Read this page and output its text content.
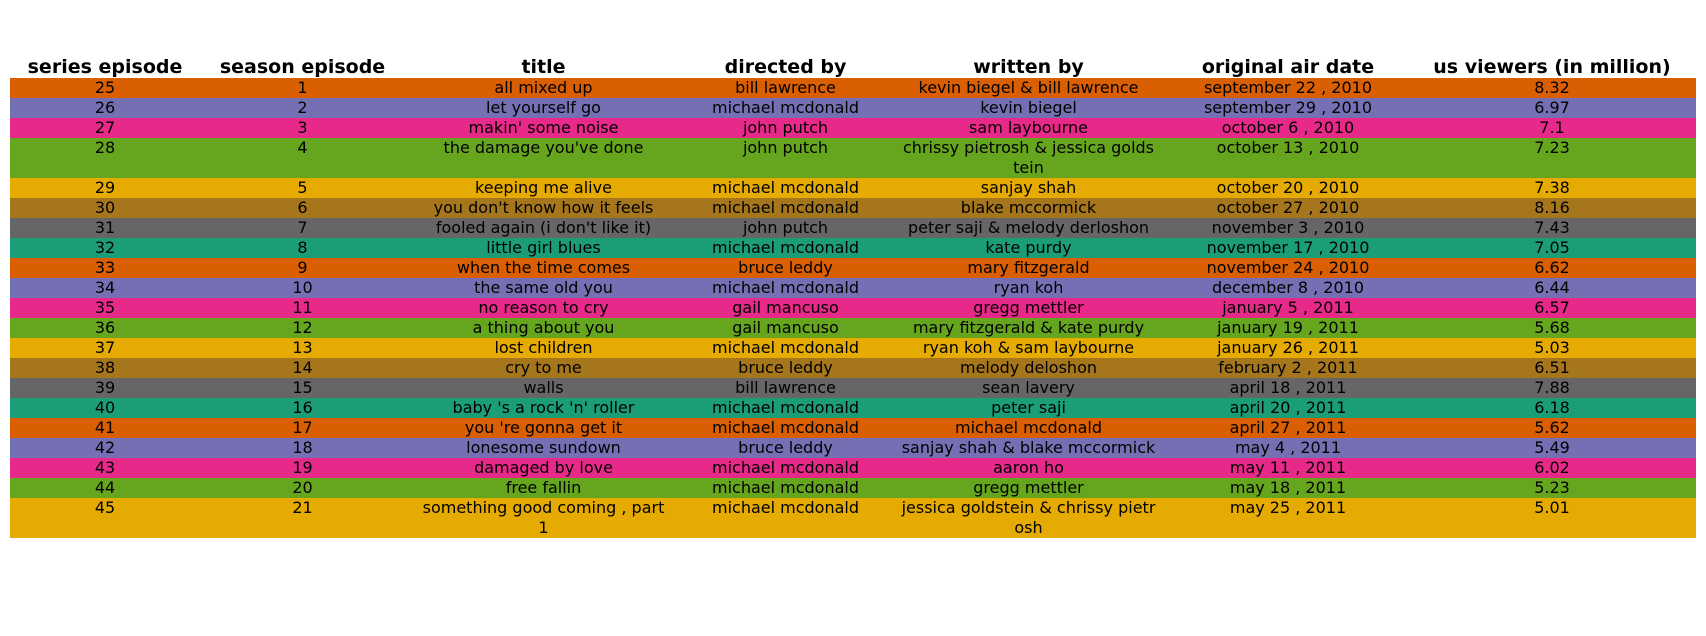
series episode	season episode	title	directed by	written by	original air date	us viewers (in million)

25	1	all mixed up	bill lawrence	kevin biegel & bill lawrence	september 22 , 2010	8.32

26	2	let yourself go	michael mcdonald	kevin biegel	september 29 , 2010	6.97

27	3	makin' some noise	john putch	sam laybourne	october 6 , 2010	7.1

28	4	the damage you've done	john putch	chrissy pietrosh & jessica goldstein	october 13 , 2010	7.23

29	5	keeping me alive	michael mcdonald	sanjay shah	october 20 , 2010	7.38

30	6	you don't know how it feels	michael mcdonald	blake mccormick	october 27 , 2010	8.16

31	7	fooled again (i don't like it)	john putch	peter saji & melody derloshon	november 3 , 2010	7.43

32	8	little girl blues	michael mcdonald	kate purdy	november 17 , 2010	7.05

33	9	when the time comes	bruce leddy	mary fitzgerald	november 24 , 2010	6.62

34	10	the same old you	michael mcdonald	ryan koh	december 8 , 2010	6.44

35	11	no reason to cry	gail mancuso	gregg mettler	january 5 , 2011	6.57

36	12	a thing about you	gail mancuso	mary fitzgerald & kate purdy	january 19 , 2011	5.68

37	13	lost children	michael mcdonald	ryan koh & sam laybourne	january 26 , 2011	5.03

38	14	cry to me	bruce leddy	melody deloshon	february 2 , 2011	6.51

39	15	walls	bill lawrence	sean lavery	april 18 , 2011	7.88

40	16	baby 's a rock 'n' roller	michael mcdonald	peter saji	april 20 , 2011	6.18

41	17	you 're gonna get it	michael mcdonald	michael mcdonald	april 27 , 2011	5.62

42	18	lonesome sundown	bruce leddy	sanjay shah & blake mccormick	may 4 , 2011	5.49

43	19	damaged by love	michael mcdonald	aaron ho	may 11 , 2011	6.02

44	20	free fallin	michael mcdonald	gregg mettler	may 18 , 2011	5.23

45	21	something good coming , part 1	michael mcdonald	jessica goldstein & chrissy pietrosh	may 25 , 2011	5.01
